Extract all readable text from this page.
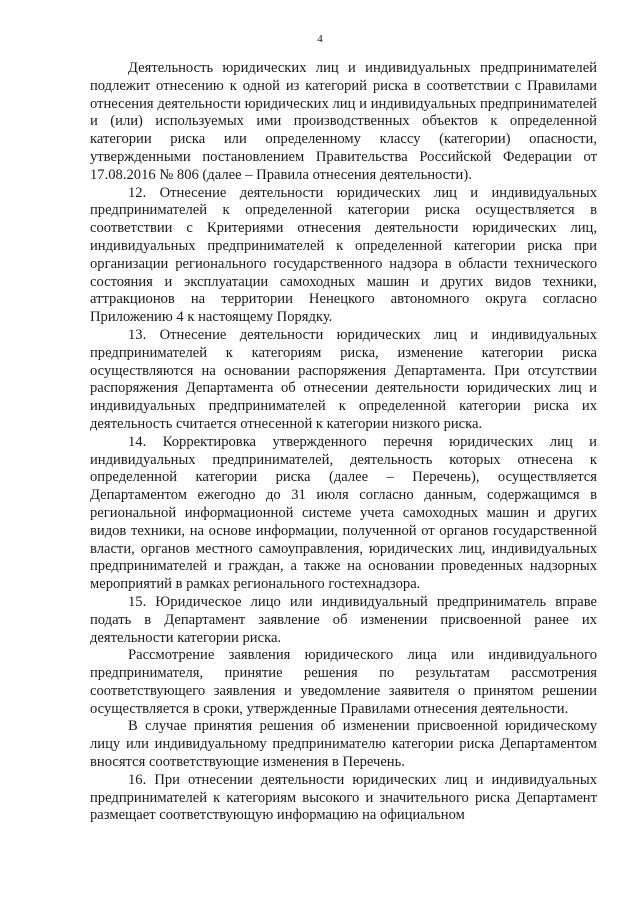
4

Деятельность юридических лиц и индивидуальных предпринимателей подлежит отнесению к одной из категорий риска в соответствии с Правилами отнесения деятельности юридических лиц и индивидуальных предпринимателей и (или) используемых ими производственных объектов к определенной категории риска или определенному классу (категории) опасности, утвержденными постановлением Правительства Российской Федерации от 17.08.2016 № 806 (далее – Правила отнесения деятельности).

12. Отнесение деятельности юридических лиц и индивидуальных предпринимателей к определенной категории риска осуществляется в соответствии с Критериями отнесения деятельности юридических лиц, индивидуальных предпринимателей к определенной категории риска при организации регионального государственного надзора в области технического состояния и эксплуатации самоходных машин и других видов техники, аттракционов на территории Ненецкого автономного округа согласно Приложению 4 к настоящему Порядку.

13. Отнесение деятельности юридических лиц и индивидуальных предпринимателей к категориям риска, изменение категории риска осуществляются на основании распоряжения Департамента. При отсутствии распоряжения Департамента об отнесении деятельности юридических лиц и индивидуальных предпринимателей к определенной категории риска их деятельность считается отнесенной к категории низкого риска.

14. Корректировка утвержденного перечня юридических лиц и индивидуальных предпринимателей, деятельность которых отнесена к определенной категории риска (далее – Перечень), осуществляется Департаментом ежегодно до 31 июля согласно данным, содержащимся в региональной информационной системе учета самоходных машин и других видов техники, на основе информации, полученной от органов государственной власти, органов местного самоуправления, юридических лиц, индивидуальных предпринимателей и граждан, а также на основании проведенных надзорных мероприятий в рамках регионального гостехнадзора.

15. Юридическое лицо или индивидуальный предприниматель вправе подать в Департамент заявление об изменении присвоенной ранее их деятельности категории риска.

Рассмотрение заявления юридического лица или индивидуального предпринимателя, принятие решения по результатам рассмотрения соответствующего заявления и уведомление заявителя о принятом решении осуществляется в сроки, утвержденные Правилами отнесения деятельности.

В случае принятия решения об изменении присвоенной юридическому лицу или индивидуальному предпринимателю категории риска Департаментом вносятся соответствующие изменения в Перечень.

16. При отнесении деятельности юридических лиц и индивидуальных предпринимателей к категориям высокого и значительного риска Департамент размещает соответствующую информацию на официальном
